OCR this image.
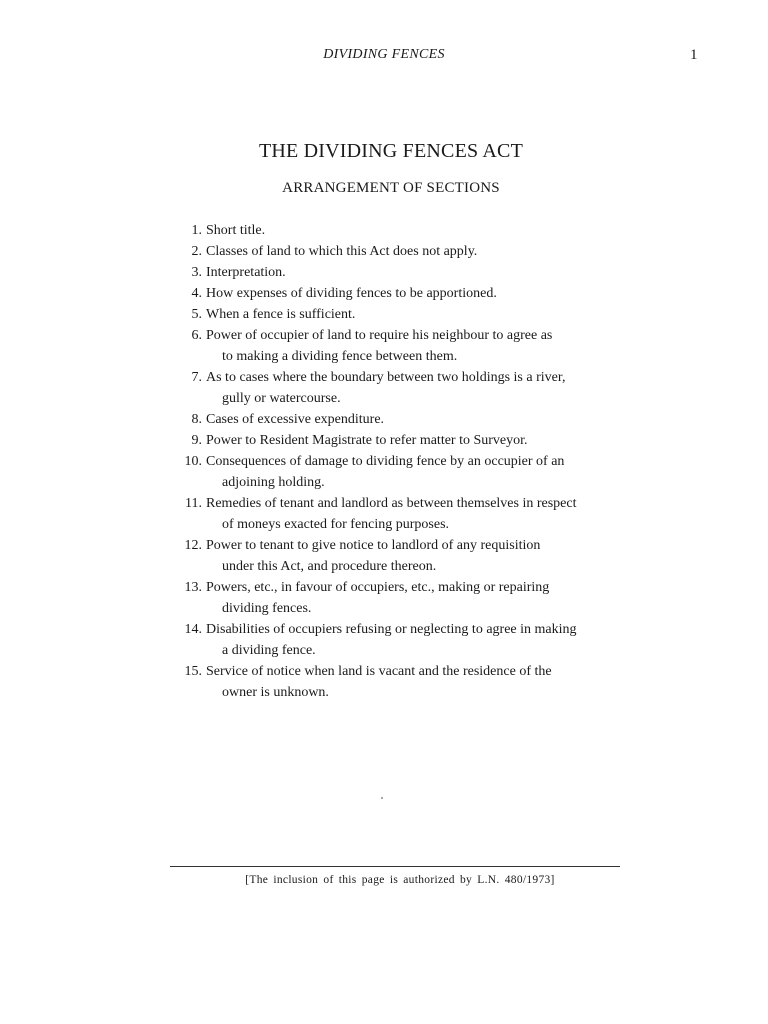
DIVIDING FENCES	1
THE DIVIDING FENCES ACT
ARRANGEMENT OF SECTIONS
1. Short title.
2. Classes of land to which this Act does not apply.
3. Interpretation.
4. How expenses of dividing fences to be apportioned.
5. When a fence is sufficient.
6. Power of occupier of land to require his neighbour to agree as
to making a dividing fence between them.
7. As to cases where the boundary between two holdings is a river,
gully or watercourse.
8. Cases of excessive expenditure.
9. Power to Resident Magistrate to refer matter to Surveyor.
10. Consequences of damage to dividing fence by an occupier of an
adjoining holding.
11. Remedies of tenant and landlord as between themselves in respect
of moneys exacted for fencing purposes.
12. Power to tenant to give notice to landlord of any requisition
under this Act, and procedure thereon.
13. Powers, etc., in favour of occupiers, etc., making or repairing
dividing fences.
14. Disabilities of occupiers refusing or neglecting to agree in making
a dividing fence.
15. Service of notice when land is vacant and the residence of the
owner is unknown.
[The inclusion of this page is authorized by L.N. 480/1973]
